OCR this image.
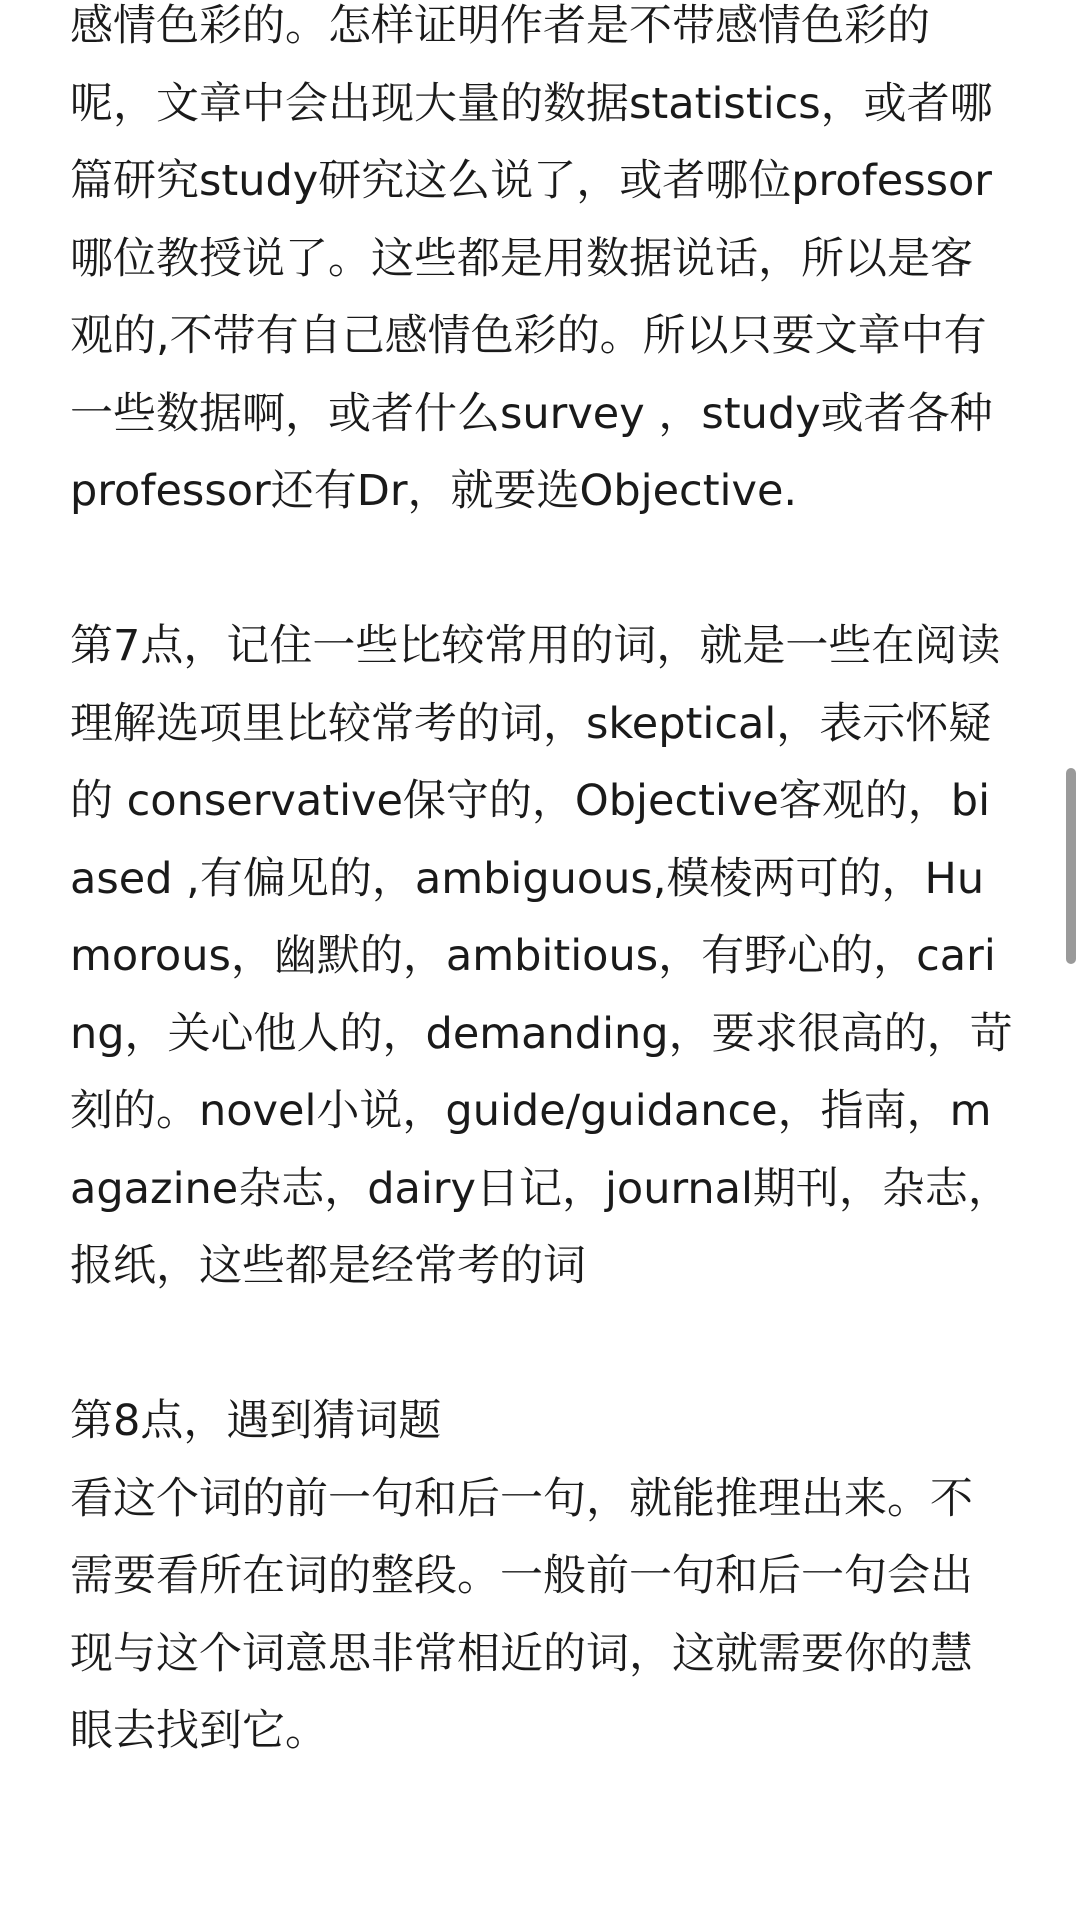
感情色彩的。怎样证明作者是不带感情色彩的呢，文章中会出现大量的数据statistics，或者哪篇研究study研究这么说了，或者哪位professor哪位教授说了。这些都是用数据说话，所以是客观的,不带有自己感情色彩的。所以只要文章中有一些数据啊，或者什么survey ，study或者各种professor还有Dr，就要选Objective.

第7点，记住一些比较常用的词，就是一些在阅读理解选项里比较常考的词，skeptical，表示怀疑的 conservative保守的，Objective客观的，biased ,有偏见的，ambiguous,模棱两可的，Humorous，幽默的，ambitious，有野心的，caring，关心他人的，demanding，要求很高的，苛刻的。novel小说，guide/guidance，指南，magazine杂志，dairy日记，journal期刊，杂志，报纸，这些都是经常考的词

第8点，遇到猜词题

看这个词的前一句和后一句，就能推理出来。不需要看所在词的整段。一般前一句和后一句会出现与这个词意思非常相近的词，这就需要你的慧眼去找到它。
